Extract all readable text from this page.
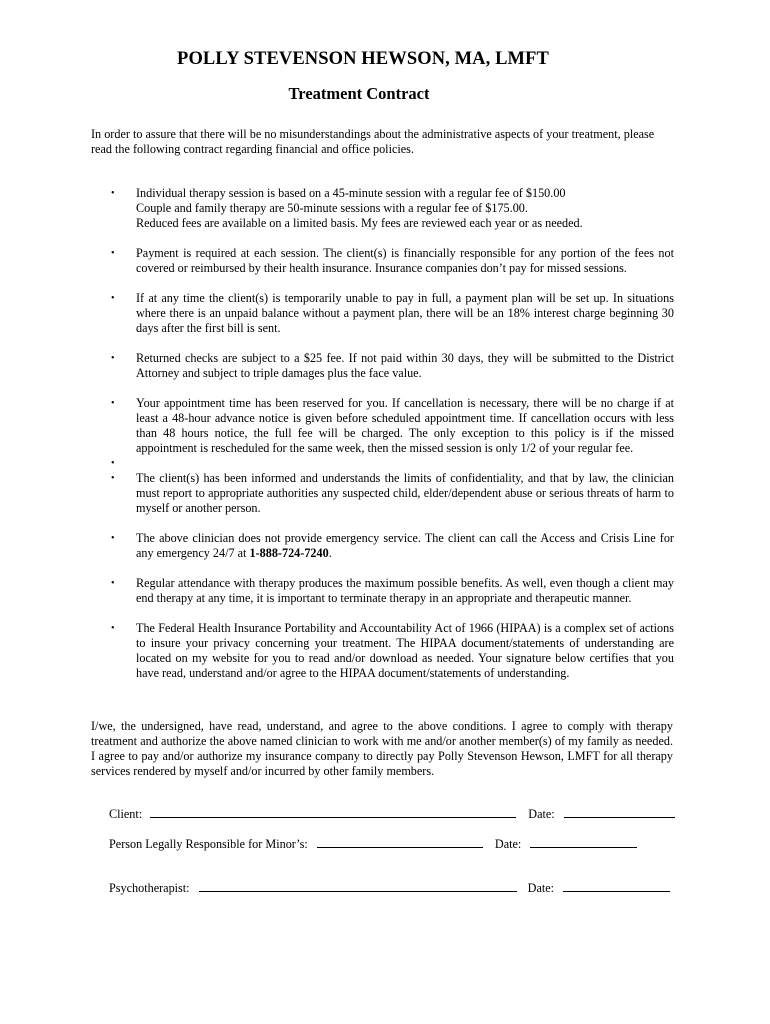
POLLY STEVENSON HEWSON, MA, LMFT
Treatment Contract
In order to assure that there will be no misunderstandings about the administrative aspects of your treatment, please read the following contract regarding financial and office policies.
• Individual therapy session is based on a 45-minute session with a regular fee of $150.00
Couple and family therapy are 50-minute sessions with a regular fee of $175.00.
Reduced fees are available on a limited basis. My fees are reviewed each year or as needed.
• Payment is required at each session. The client(s) is financially responsible for any portion of the fees not covered or reimbursed by their health insurance. Insurance companies don’t pay for missed sessions.
• If at any time the client(s) is temporarily unable to pay in full, a payment plan will be set up. In situations where there is an unpaid balance without a payment plan, there will be an 18% interest charge beginning 30 days after the first bill is sent.
• Returned checks are subject to a $25 fee. If not paid within 30 days, they will be submitted to the District Attorney and subject to triple damages plus the face value.
• Your appointment time has been reserved for you. If cancellation is necessary, there will be no charge if at least a 48-hour advance notice is given before scheduled appointment time. If cancellation occurs with less than 48 hours notice, the full fee will be charged. The only exception to this policy is if the missed appointment is rescheduled for the same week, then the missed session is only 1/2 of your regular fee.
•
• The client(s) has been informed and understands the limits of confidentiality, and that by law, the clinician must report to appropriate authorities any suspected child, elder/dependent abuse or serious threats of harm to myself or another person.
• The above clinician does not provide emergency service. The client can call the Access and Crisis Line for any emergency 24/7 at 1-888-724-7240.
• Regular attendance with therapy produces the maximum possible benefits. As well, even though a client may end therapy at any time, it is important to terminate therapy in an appropriate and therapeutic manner.
• The Federal Health Insurance Portability and Accountability Act of 1966 (HIPAA) is a complex set of actions to insure your privacy concerning your treatment. The HIPAA document/statements of understanding are located on my website for you to read and/or download as needed. Your signature below certifies that you have read, understand and/or agree to the HIPAA document/statements of understanding.
I/we, the undersigned, have read, understand, and agree to the above conditions. I agree to comply with therapy treatment and authorize the above named clinician to work with me and/or another member(s) of my family as needed. I agree to pay and/or authorize my insurance company to directly pay Polly Stevenson Hewson, LMFT for all therapy services rendered by myself and/or incurred by other family members.
Client:	Date:
Person Legally Responsible for Minor’s:	Date:
Psychotherapist:	Date:
